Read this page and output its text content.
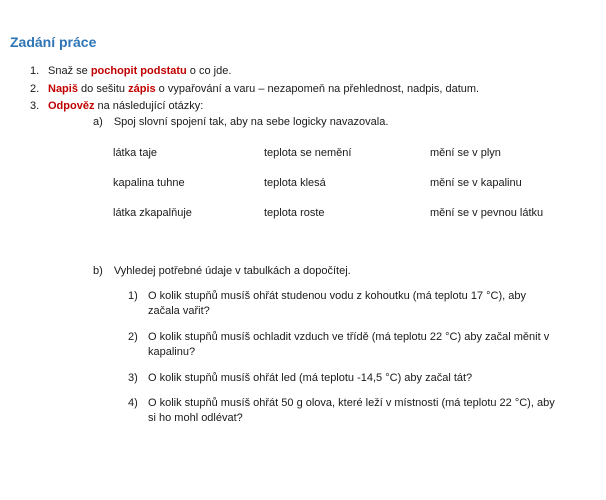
Zadání práce
1. Snaž se pochopit podstatu o co jde.
2. Napiš do sešitu zápis o vypařování a varu – nezapomeň na přehlednost, nadpis, datum.
3. Odpověz na následující otázky:
a) Spoj slovní spojení tak, aby na sebe logicky navazovala.
látka taje	teplota se nemění	mění se v plyn
kapalina tuhne	teplota klesá	mění se v kapalinu
látka zkapalňuje	teplota roste	mění se v pevnou látku
b) Vyhledej potřebné údaje v tabulkách a dopočítej.
1) O kolik stupňů musíš ohřát studenou vodu z kohoutku (má teplotu 17 °C), aby začala vařit?
2) O kolik stupňů musíš ochladit vzduch ve třídě (má teplotu 22 °C) aby začal měnit v kapalinu?
3) O kolik stupňů musíš ohřát led (má teplotu -14,5 °C) aby začal tát?
4) O kolik stupňů musíš ohřát 50 g olova, které leží v místnosti (má teplotu 22 °C), aby si ho mohl odlévat?
